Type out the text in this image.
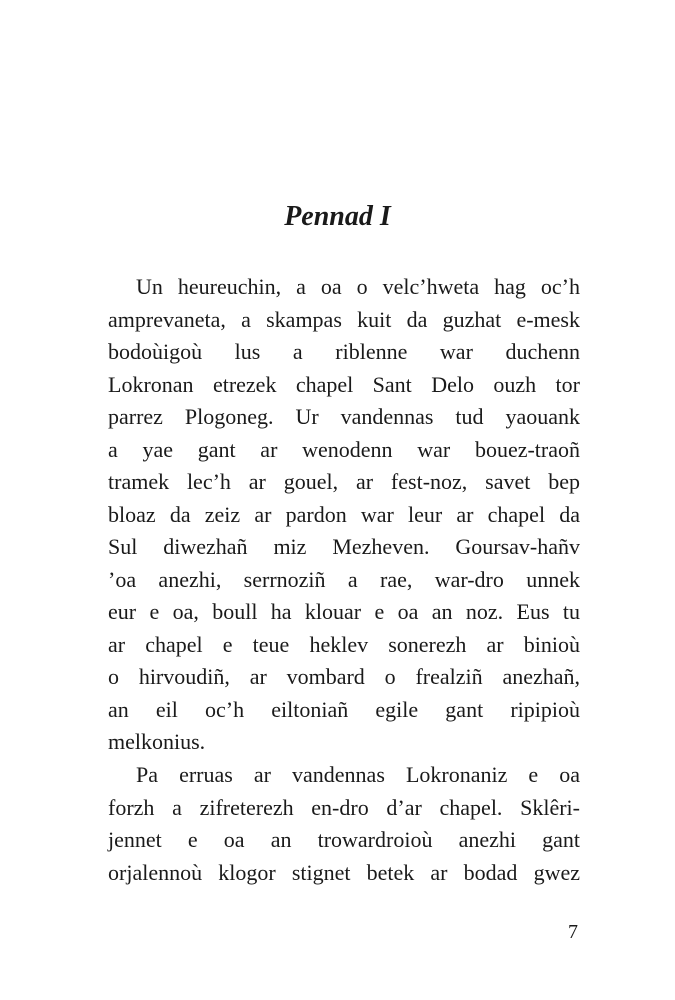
Pennad I

Un heureuchin, a oa o velc’hweta hag oc’h
amprevaneta, a skampas kuit da guzhat e-mesk
bodoùigoù lus a riblenne war duchenn
Lokronan etrezek chapel Sant Delo ouzh tor
parrez Plogoneg. Ur vandennas tud yaouank
a yae gant ar wenodenn war bouez-traoñ
tramek lec’h ar gouel, ar fest-noz, savet bep
bloaz da zeiz ar pardon war leur ar chapel da
Sul diwezhañ miz Mezheven. Goursav-hañv
’oa anezhi, serrnoziñ a rae, war-dro unnek
eur e oa, boull ha klouar e oa an noz. Eus tu
ar chapel e teue heklev sonerezh ar binioù
o hirvoudiñ, ar vombard o frealziñ anezhañ,
an eil oc’h eiltoniañ egile gant ripipioù
melkonius.

Pa erruas ar vandennas Lokronaniz e oa
forzh a zifreterezh en-dro d’ar chapel. Sklêri-
jennet e oa an trowardroioù anezhi gant
orjalennoù klogor stignet betek ar bodad gwez

7
